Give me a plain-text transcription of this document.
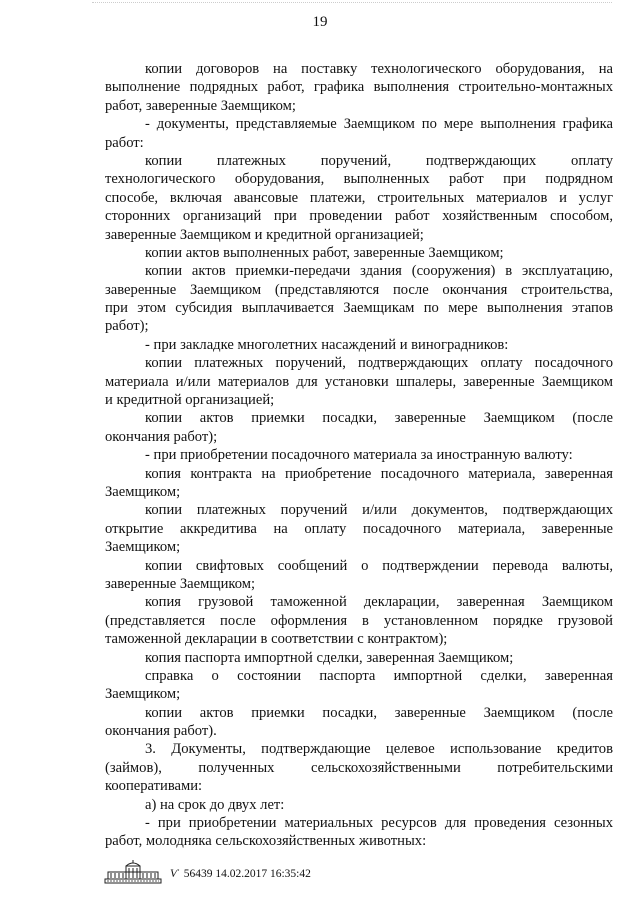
19
копии договоров на поставку технологического оборудования, на
выполнение подрядных работ, графика выполнения строительно-монтажных
работ, заверенные Заемщиком;
- документы, представляемые Заемщиком по мере выполнения графика
работ:
копии платежных поручений, подтверждающих оплату
технологического оборудования, выполненных работ при подрядном
способе, включая авансовые платежи, строительных материалов и услуг
сторонних организаций при проведении работ хозяйственным способом,
заверенные Заемщиком и кредитной организацией;
копии актов выполненных работ, заверенные Заемщиком;
копии актов приемки-передачи здания (сооружения) в эксплуатацию,
заверенные Заемщиком (представляются после окончания строительства,
при этом субсидия выплачивается Заемщикам по мере выполнения этапов
работ);
- при закладке многолетних насаждений и виноградников:
копии платежных поручений, подтверждающих оплату посадочного
материала и/или материалов для установки шпалеры, заверенные Заемщиком
и кредитной организацией;
копии актов приемки посадки, заверенные Заемщиком (после
окончания работ);
- при приобретении посадочного материала за иностранную валюту:
копия контракта на приобретение посадочного материала, заверенная
Заемщиком;
копии платежных поручений и/или документов, подтверждающих
открытие аккредитива на оплату посадочного материала, заверенные
Заемщиком;
копии свифтовых сообщений о подтверждении перевода валюты,
заверенные Заемщиком;
копия грузовой таможенной декларации, заверенная Заемщиком
(представляется после оформления в установленном порядке грузовой
таможенной декларации в соответствии с контрактом);
копия паспорта импортной сделки, заверенная Заемщиком;
справка о состоянии паспорта импортной сделки, заверенная
Заемщиком;
копии актов приемки посадки, заверенные Заемщиком (после
окончания работ).
3. Документы, подтверждающие целевое использование кредитов
(займов), полученных сельскохозяйственными потребительскими
кооперативами:
а) на срок до двух лет:
- при приобретении материальных ресурсов для проведения сезонных
работ, молодняка сельскохозяйственных животных:
Ѵ 56439 14.02.2017 16:35:42
